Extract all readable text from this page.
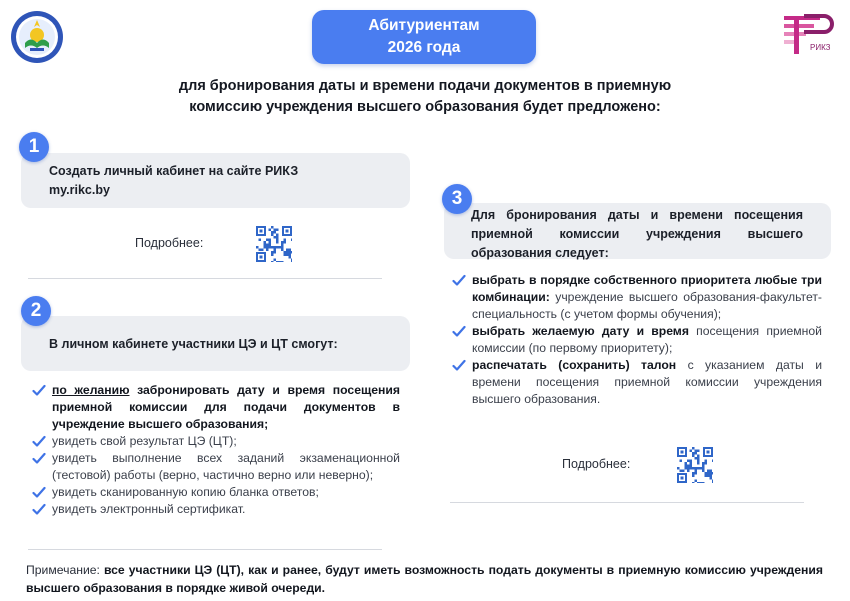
РИКЗ
Абитуриентам
2026 года
для бронирования даты и времени подачи документов в приемную
комиссию учреждения высшего образования будет предложено:
1
Создать личный кабинет на сайте РИКЗ
my.rikc.by
Подробнее:
2
В личном кабинете участники ЦЭ и ЦТ смогут:
по желанию забронировать дату и время посещения приемной комиссии для подачи документов в учреждение высшего образования;
увидеть свой результат ЦЭ (ЦТ);
увидеть выполнение всех заданий экзаменационной (тестовой) работы (верно, частично верно или неверно);
увидеть сканированную копию бланка ответов;
увидеть электронный сертификат.
3
Для бронирования даты и времени посещения приемной комиссии учреждения высшего образования следует:
выбрать в порядке собственного приоритета любые три комбинации: учреждение высшего образования-факультет-специальность (с учетом формы обучения);
выбрать желаемую дату и время посещения приемной комиссии (по первому приоритету);
распечатать (сохранить) талон с указанием даты и времени посещения приемной комиссии учреждения высшего образования.
Подробнее:
Примечание: все участники ЦЭ (ЦТ), как и ранее, будут иметь возможность подать документы в приемную комиссию учреждения высшего образования в порядке живой очереди.
